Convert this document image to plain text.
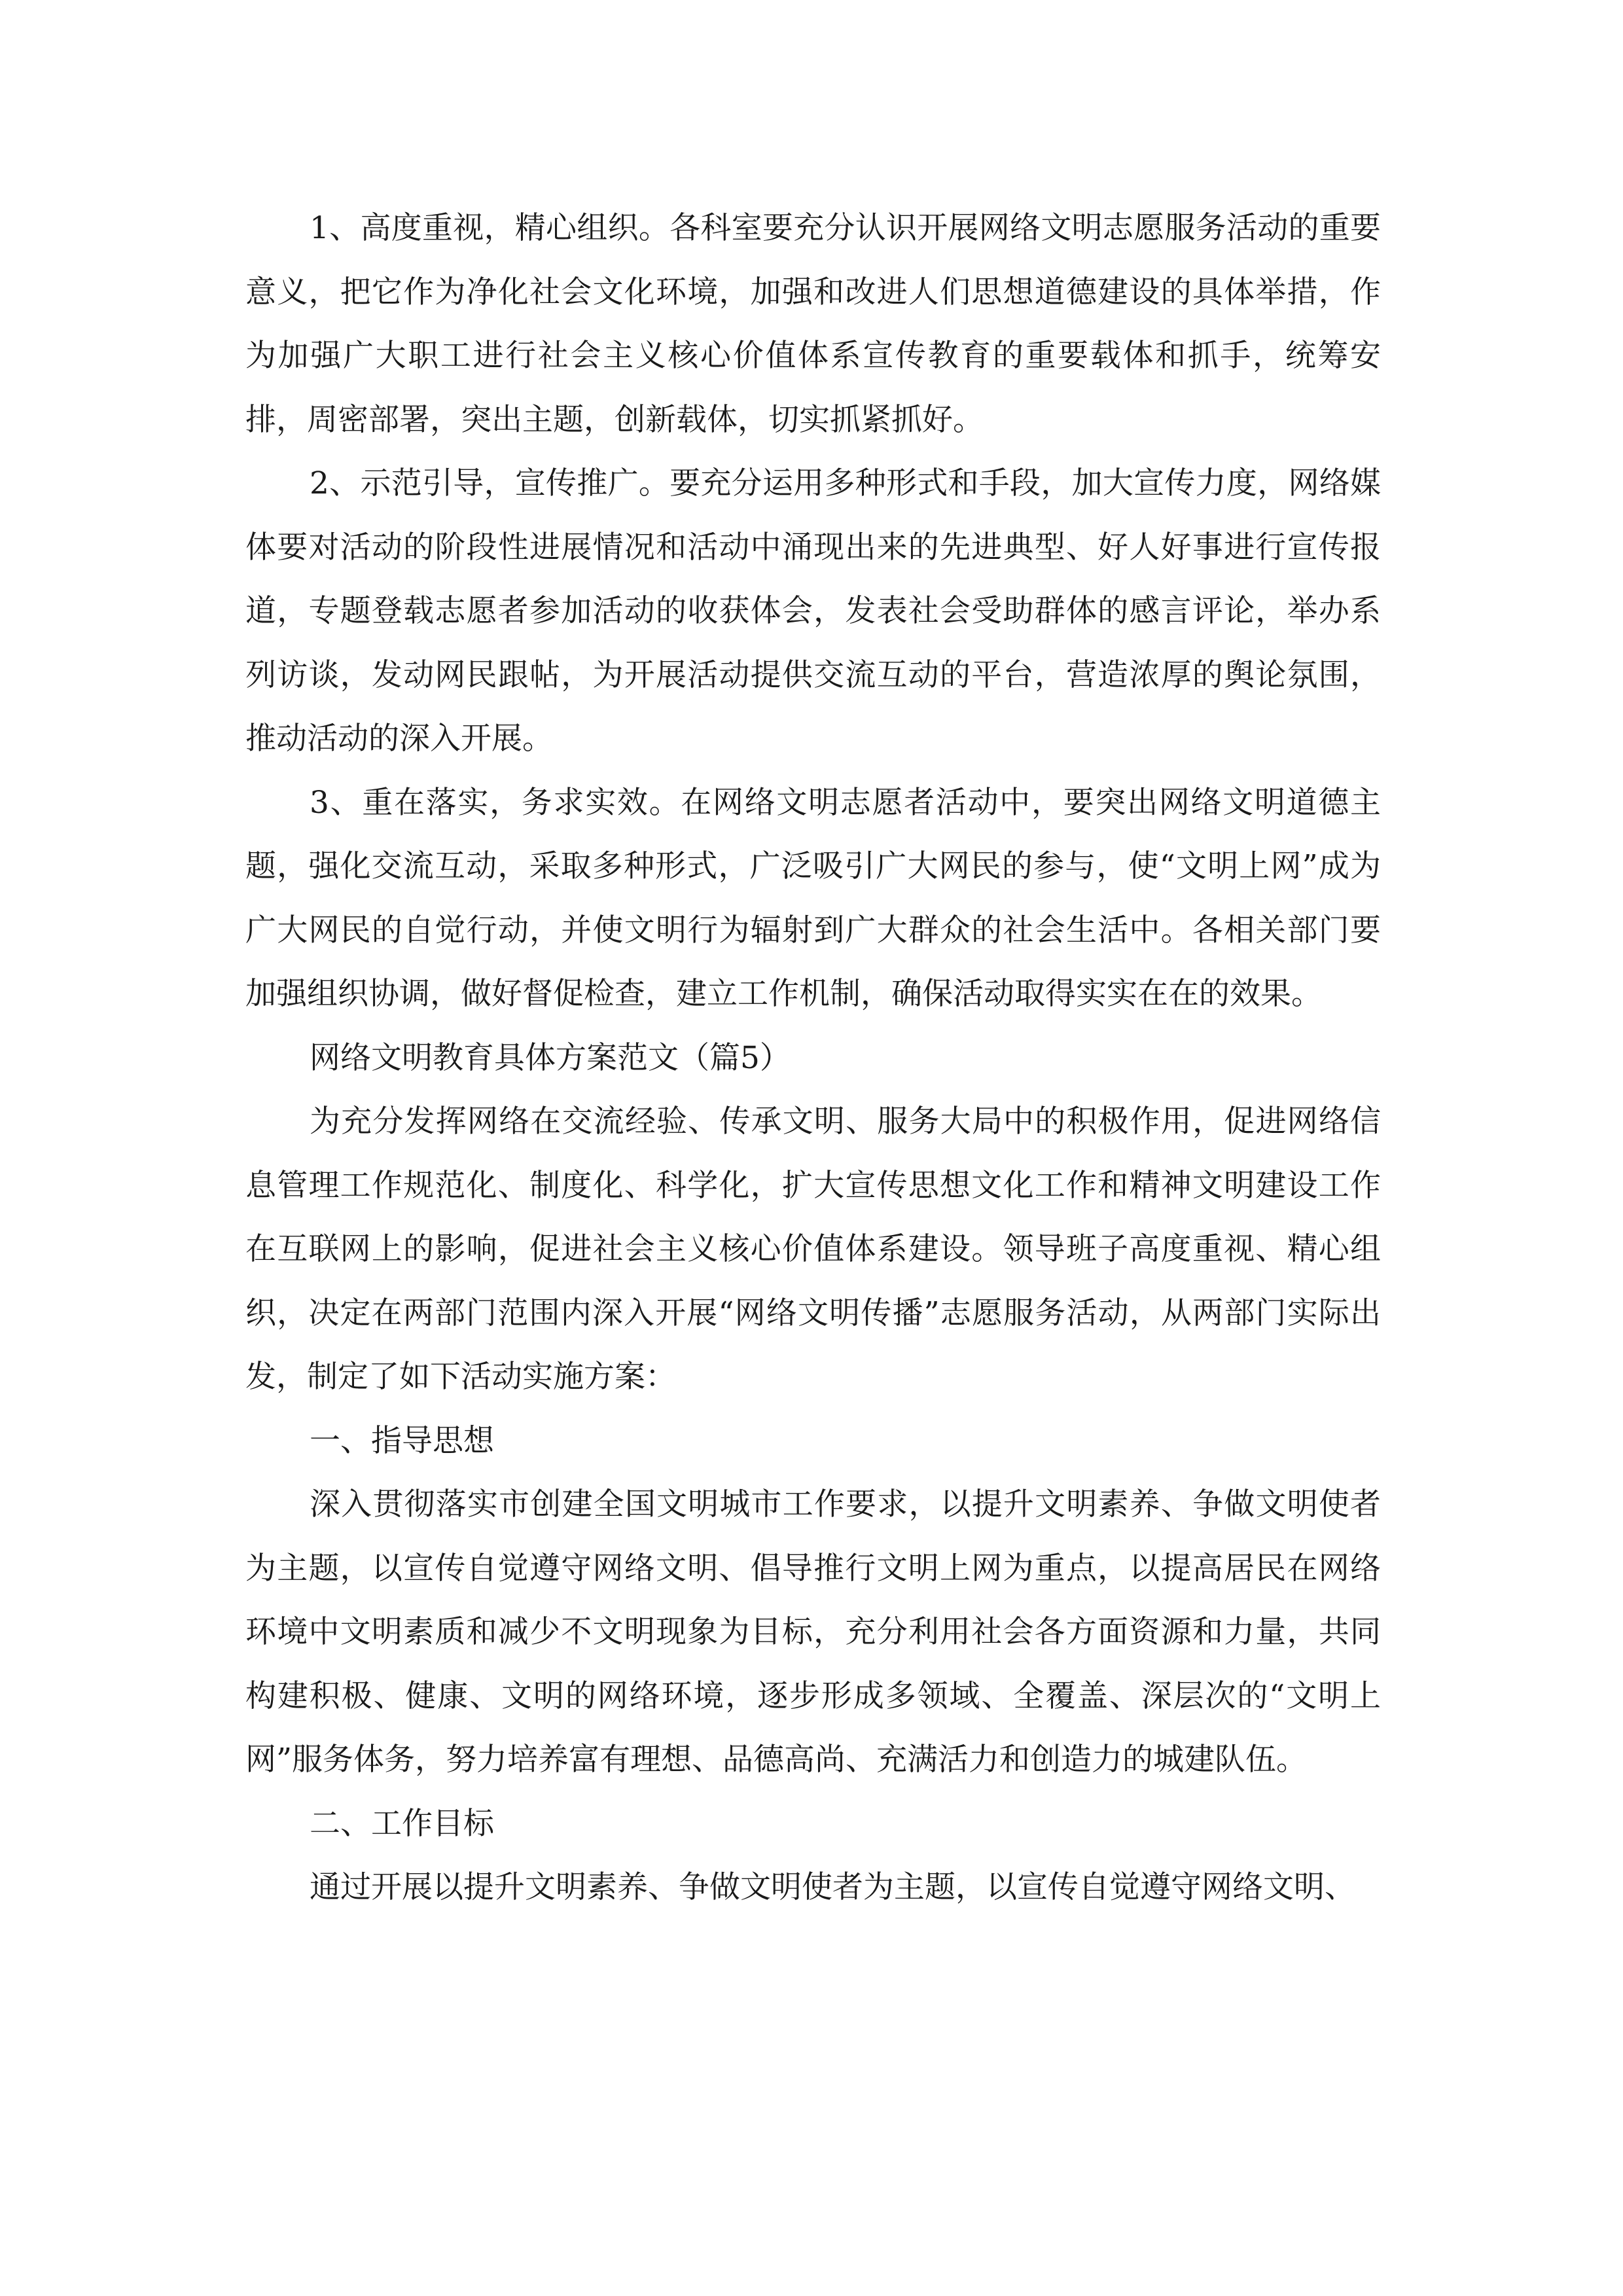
1、高度重视，精心组织。各科室要充分认识开展网络文明志愿服务活动的重要意义，把它作为净化社会文化环境，加强和改进人们思想道德建设的具体举措，作为加强广大职工进行社会主义核心价值体系宣传教育的重要载体和抓手，统筹安排，周密部署，突出主题，创新载体，切实抓紧抓好。

2、示范引导，宣传推广。要充分运用多种形式和手段，加大宣传力度，网络媒体要对活动的阶段性进展情况和活动中涌现出来的先进典型、好人好事进行宣传报道，专题登载志愿者参加活动的收获体会，发表社会受助群体的感言评论，举办系列访谈，发动网民跟帖，为开展活动提供交流互动的平台，营造浓厚的舆论氛围，推动活动的深入开展。

3、重在落实，务求实效。在网络文明志愿者活动中，要突出网络文明道德主题，强化交流互动，采取多种形式，广泛吸引广大网民的参与，使“文明上网”成为广大网民的自觉行动，并使文明行为辐射到广大群众的社会生活中。各相关部门要加强组织协调，做好督促检查，建立工作机制，确保活动取得实实在在的效果。

网络文明教育具体方案范文（篇5）

为充分发挥网络在交流经验、传承文明、服务大局中的积极作用，促进网络信息管理工作规范化、制度化、科学化，扩大宣传思想文化工作和精神文明建设工作在互联网上的影响，促进社会主义核心价值体系建设。领导班子高度重视、精心组织，决定在两部门范围内深入开展“网络文明传播”志愿服务活动，从两部门实际出发，制定了如下活动实施方案：

一、指导思想

深入贯彻落实市创建全国文明城市工作要求，以提升文明素养、争做文明使者为主题，以宣传自觉遵守网络文明、倡导推行文明上网为重点，以提高居民在网络环境中文明素质和减少不文明现象为目标，充分利用社会各方面资源和力量，共同构建积极、健康、文明的网络环境，逐步形成多领域、全覆盖、深层次的“文明上网”服务体务，努力培养富有理想、品德高尚、充满活力和创造力的城建队伍。

二、工作目标

通过开展以提升文明素养、争做文明使者为主题，以宣传自觉遵守网络文明、
